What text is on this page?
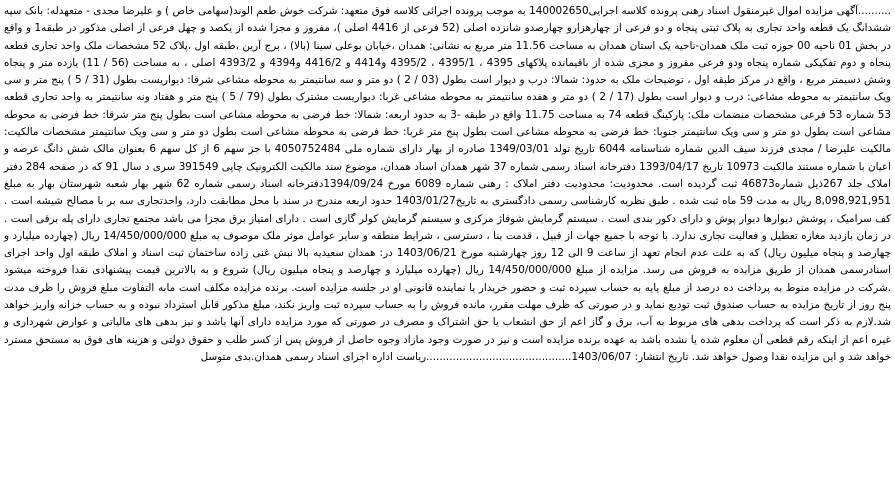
..........آگهی مزایده اموال غیرمنقول اسناد رهنی پرونده کلاسه اجرایی140002650 به موجب پرونده اجرائی کلاسه فوق متعهد: شرکت خوش طعم الوند(سهامی خاص ) و علیرضا مجدی - متعهدله: بانک سپه ششدانگ یک قطعه واحد تجاری به پلاک ثبتی پنجاه و دو فرعی از چهارهزارو چهارصدو شانزده اصلی (52 فرعی از 4416 اصلی )، مفروز و مجزا شده از یکصد و چهل فرعی از اصلی مذکور در طبقه1 و واقع در بخش 01 ناحیه 00 حوزه ثبت ملک همدان-ناحیه یک استان همدان به مساحت 11.56 متر مربع به نشانی: همدان ،خیابان بوعلی سینا (بالا) ، برج آرین ،طبقه اول ،پلاک 52 مشخصات ملک واحد تجاری قطعه پنجاه و دوم تفکیکی شماره پنجاه ودو فرعی مفروز و مجزی شده از باقیمانده پلاکهای 4395 ، 4395/1 ، 4395/2 و4414 و 4416/2 و4394 و 4393/2 اصلی ، به مساحت (56 / 11) یازده متر و پنجاه وشش دسیمتر مربع ، واقع در مرکز طبقه اول ، توضیحات ملک به حدود: شمالا: درب و دیوار است بطول (03 / 2 ) دو متر و سه سانتیمتر به محوطه مشاعی شرقا: دیواریست بطول (31 / 5 ) پنج متر و سی ویک سانتیمتر به محوطه مشاعی: درب و دیوار است بطول (17 / 2 ) دو متر و هفده سانتیمتر به محوطه مشاعی غربا: دیواریست مشترک بطول (79 / 5 ) پنج متر و هفتاد ونه سانتیمتر به واحد تجاری قطعه 53 شماره 53 فرعی مشخصات منضمات ملک: پارکینگ قطعه 74 به مساحت 11.75 واقع در طبقه -3 به حدود اربعه: شمالا: خط فرضی به محوطه مشاعی است بطول پنج متر شرقا: خط فرضی به محوطه مشاعی است بطول دو متر و سی ویک سانتیمتر جنوبا: خط فرضی به محوطه مشاعی است بطول پنج متر غربا: خط فرضی به محوطه مشاعی است بطول دو متر و سی ویک سانتیمتر مشخصات مالکیت: مالکیت علیرضا / مجدی فرزند سیف الدین شماره شناسنامه 6044 تاریخ تولد 1349/03/01 صادره از بهار دارای شماره ملی 4050752484 با جز سهم 6 از کل سهم 6 بعنوان مالک شش دانگ عرصه و اعیان با شماره مستند مالکیت 10973 تاریخ 1393/04/17 دفترخانه اسناد رسمی شماره 37 شهر همدان اسناد همدان، موضوع سند مالکیت الکترونیک چاپی 391549 سری د سال 91 که در صفحه 284 دفتر املاک جلد 267ذیل شماره46873 ثبت گردیده است. محدودیت: محدودیت دفتر املاک : رهنی شماره 6089 مورخ 1394/09/24دفترخانه اسناد رسمی شماره 62 شهر بهار شعبه شهرستان بهار به مبلغ 8,098,921,951 ریال به مدت 59 ماه ثبت شده . طبق نظریه کارشناسی رسمی دادگستری به تاریخ1403/01/27 حدود اربعه مندرج در سند با محل مطابقت دارد، واحدتجاری سه بر با مصالح شیشه است . کف سرامیک ، پوشش دیوارها دیوار پوش و دارای دکور بندی است . سیستم گرمایش شوفاژ مرکزی و سیستم گرمایش کولر گازی است . دارای امتیاز برق مجزا می باشد مجتمع تجاری دارای پله برقی است . در زمان بازدید مغازه تعطیل و فعالیت تجاری ندارد. با توجه با جمیع جهات از قبیل ، قدمت بنا ، دسترسی ، شرایط منطقه و سایر عوامل موثر ملک موصوف به مبلغ 14/450/000/000 ریال (چهارده میلیارد و چهارصد و پنجاه میلیون ریال) که به علت عدم انجام تعهد از ساعت 9 الی 12 روز چهارشنبه مورخ 1403/06/21 در: همدان سعیدیه بالا نبش غنی زاده ساختمان ثبت اسناد و املاک طبقه اول واحد اجرای اسنادرسمی همدان از طریق مزایده به فروش می رسد. مزایده از مبلغ 14/450/000/000 ریال (چهارده میلیارد و چهارصد و پنجاه میلیون ریال) شروع و به بالاترین قیمت پیشنهادی نقدا فروخته میشود .شرکت در مزایده منوط به پرداخت ده درصد از مبلغ پایه به حساب سپرده ثبت و حضور خریدار یا نماینده قانونی او در جلسه مزایده است. برنده مزایده مکلف است مابه التفاوت مبلغ فروش را ظرف مدت پنج روز از تاریخ مزایده به حساب صندوق ثبت تودیع نماید و در صورتی که ظرف مهلت مقرر، مانده فروش را به حساب سپرده ثبت واریز نکند، مبلغ مذکور قابل استرداد نبوده و به حساب خزانه واریز خواهد شد.لازم به ذکر است که پرداخت بدهی های مربوط به آب، برق و گاز اعم از حق انشعاب یا حق اشتراک و مصرف در صورتی که مورد مزایده دارای آنها باشد و نیز بدهی های مالیاتی و عوارض شهرداری و غیره اعم از اینکه رقم قطعی آن معلوم شده یا نشده باشد به عهده برنده مزایده است و نیز در صورت وجود مازاد وجوه حاصل از فروش پس از کسر طلب و حقوق دولتی و هزینه های فوق به مستحق مسترد خواهد شد و این مزایده نقدا وصول خواهد شد. تاریخ انتشار: 1403/06/07............................................ریاست اداره اجرای اسناد رسمی همدان.بدی متوسل
